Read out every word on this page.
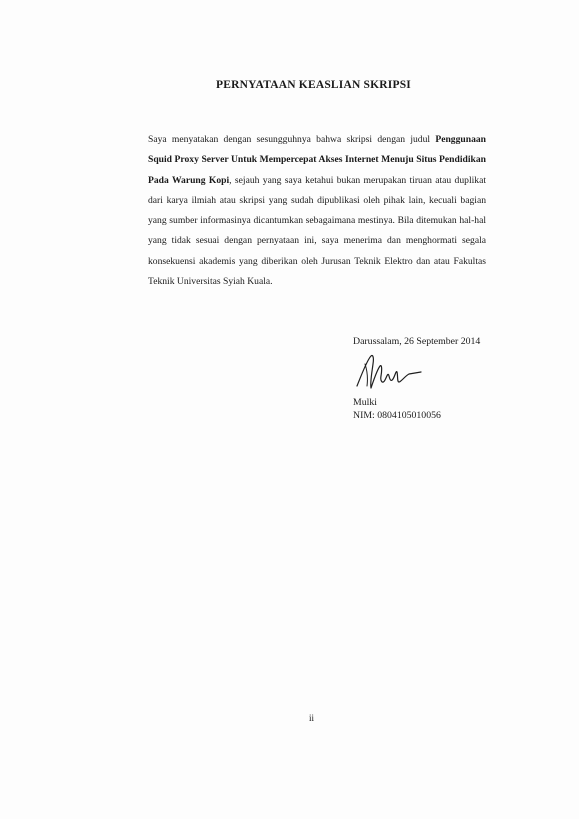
PERNYATAAN KEASLIAN SKRIPSI
Saya menyatakan dengan sesungguhnya bahwa skripsi dengan judul Penggunaan Squid Proxy Server Untuk Mempercepat Akses Internet Menuju Situs Pendidikan Pada Warung Kopi, sejauh yang saya ketahui bukan merupakan tiruan atau duplikat dari karya ilmiah atau skripsi yang sudah dipublikasi oleh pihak lain, kecuali bagian yang sumber informasinya dicantumkan sebagaimana mestinya. Bila ditemukan hal-hal yang tidak sesuai dengan pernyataan ini, saya menerima dan menghormati segala konsekuensi akademis yang diberikan oleh Jurusan Teknik Elektro dan atau Fakultas Teknik Universitas Syiah Kuala.
Darussalam, 26 September 2014
Mulki
NIM: 0804105010056
ii
